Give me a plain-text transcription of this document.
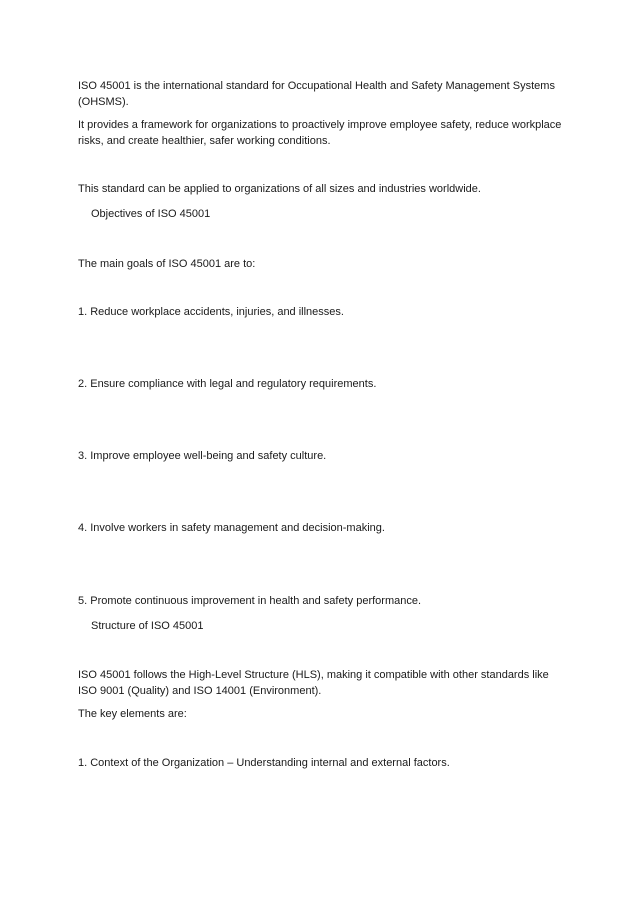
ISO 45001 is the international standard for Occupational Health and Safety Management Systems (OHSMS).

It provides a framework for organizations to proactively improve employee safety, reduce workplace risks, and create healthier, safer working conditions.

This standard can be applied to organizations of all sizes and industries worldwide.

Objectives of ISO 45001

The main goals of ISO 45001 are to:

1. Reduce workplace accidents, injuries, and illnesses.

2. Ensure compliance with legal and regulatory requirements.

3. Improve employee well-being and safety culture.

4. Involve workers in safety management and decision-making.

5. Promote continuous improvement in health and safety performance.

Structure of ISO 45001

ISO 45001 follows the High-Level Structure (HLS), making it compatible with other standards like ISO 9001 (Quality) and ISO 14001 (Environment).

The key elements are:

1. Context of the Organization – Understanding internal and external factors.
